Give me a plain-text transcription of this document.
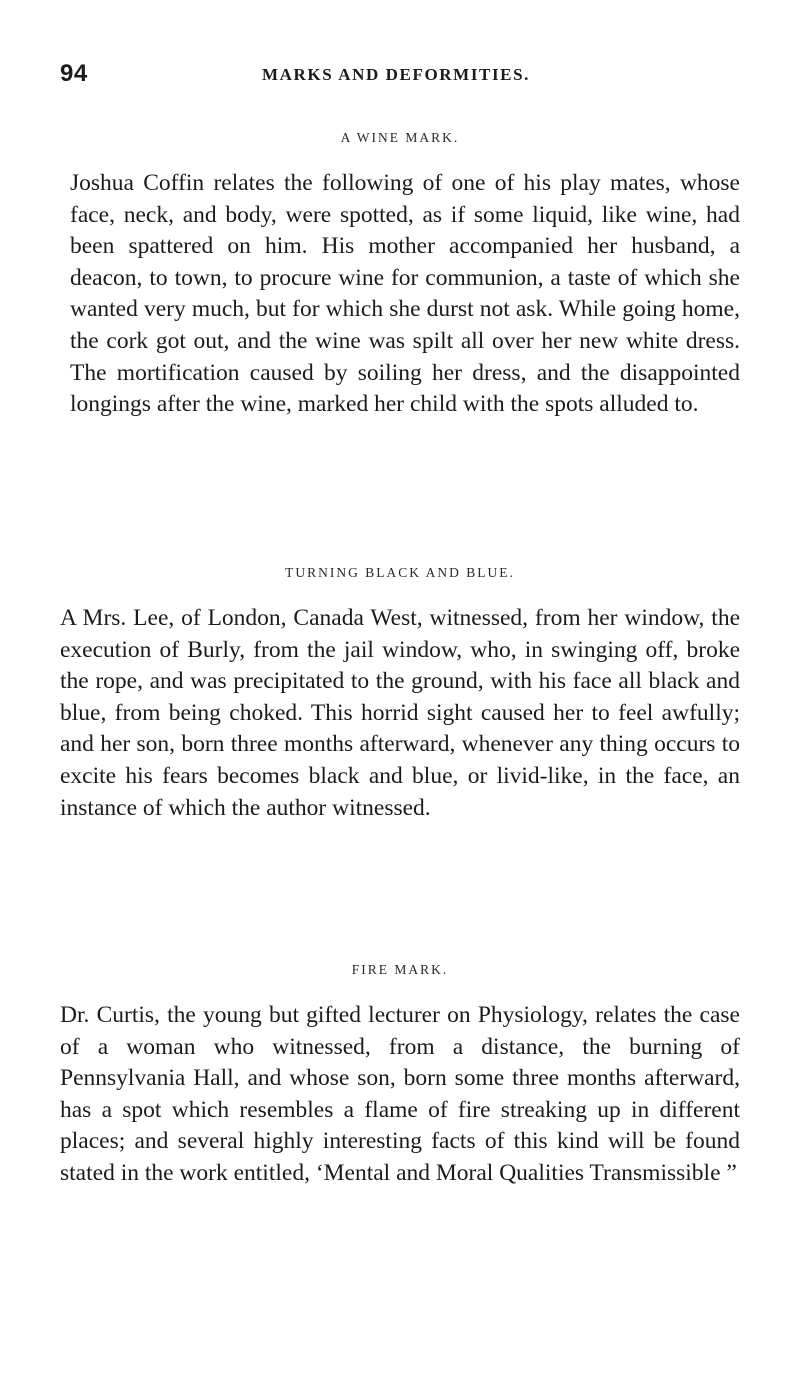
94	MARKS AND DEFORMITIES.
A WINE MARK.

Joshua Coffin relates the following of one of his play mates, whose face, neck, and body, were spotted, as if some liquid, like wine, had been spattered on him. His mother accompanied her husband, a deacon, to town, to procure wine for communion, a taste of which she wanted very much, but for which she durst not ask. While going home, the cork got out, and the wine was spilt all over her new white dress. The mortification caused by soiling her dress, and the disappointed longings after the wine, marked her child with the spots alluded to.

TURNING BLACK AND BLUE.

A Mrs. Lee, of London, Canada West, witnessed, from her window, the execution of Burly, from the jail window, who, in swinging off, broke the rope, and was precipitated to the ground, with his face all black and blue, from being choked. This horrid sight caused her to feel awfully; and her son, born three months afterward, whenever any thing occurs to excite his fears becomes black and blue, or livid-like, in the face, an instance of which the author witnessed.

FIRE MARK.

Dr. Curtis, the young but gifted lecturer on Physiology, relates the case of a woman who witnessed, from a distance, the burning of Pennsylvania Hall, and whose son, born some three months afterward, has a spot which resembles a flame of fire streaking up in different places; and several highly interesting facts of this kind will be found stated in the work entitled, ‘Mental and Moral Qualities Transmissible ”
